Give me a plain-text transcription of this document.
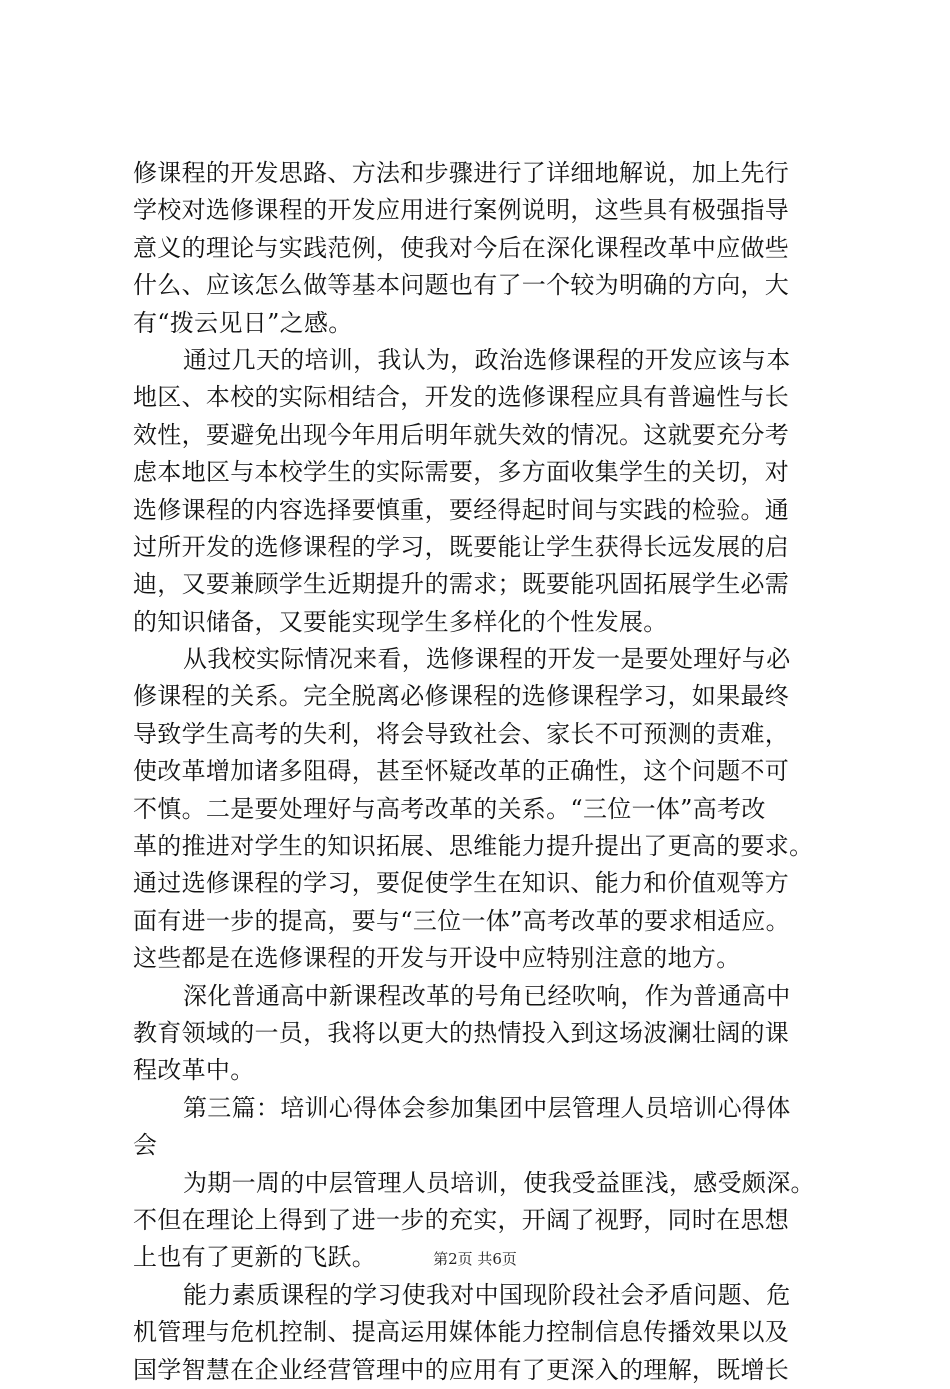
修课程的开发思路、方法和步骤进行了详细地解说，加上先行
学校对选修课程的开发应用进行案例说明，这些具有极强指导
意义的理论与实践范例，使我对今后在深化课程改革中应做些
什么、应该怎么做等基本问题也有了一个较为明确的方向，大
有“拨云见日”之感。
通过几天的培训，我认为，政治选修课程的开发应该与本
地区、本校的实际相结合，开发的选修课程应具有普遍性与长
效性，要避免出现今年用后明年就失效的情况。这就要充分考
虑本地区与本校学生的实际需要，多方面收集学生的关切，对
选修课程的内容选择要慎重，要经得起时间与实践的检验。通
过所开发的选修课程的学习，既要能让学生获得长远发展的启
迪，又要兼顾学生近期提升的需求；既要能巩固拓展学生必需
的知识储备，又要能实现学生多样化的个性发展。
从我校实际情况来看，选修课程的开发一是要处理好与必
修课程的关系。完全脱离必修课程的选修课程学习，如果最终
导致学生高考的失利，将会导致社会、家长不可预测的责难，
使改革增加诸多阻碍，甚至怀疑改革的正确性，这个问题不可
不慎。二是要处理好与高考改革的关系。“三位一体”高考改
革的推进对学生的知识拓展、思维能力提升提出了更高的要求。
通过选修课程的学习，要促使学生在知识、能力和价值观等方
面有进一步的提高，要与“三位一体”高考改革的要求相适应。
这些都是在选修课程的开发与开设中应特别注意的地方。
深化普通高中新课程改革的号角已经吹响，作为普通高中
教育领域的一员，我将以更大的热情投入到这场波澜壮阔的课
程改革中。
第三篇：培训心得体会参加集团中层管理人员培训心得体
会
为期一周的中层管理人员培训，使我受益匪浅，感受颇深。
不但在理论上得到了进一步的充实，开阔了视野，同时在思想
上也有了更新的飞跃。
能力素质课程的学习使我对中国现阶段社会矛盾问题、危
机管理与危机控制、提高运用媒体能力控制信息传播效果以及
国学智慧在企业经营管理中的应用有了更深入的理解，既增长
第2页 共6页
